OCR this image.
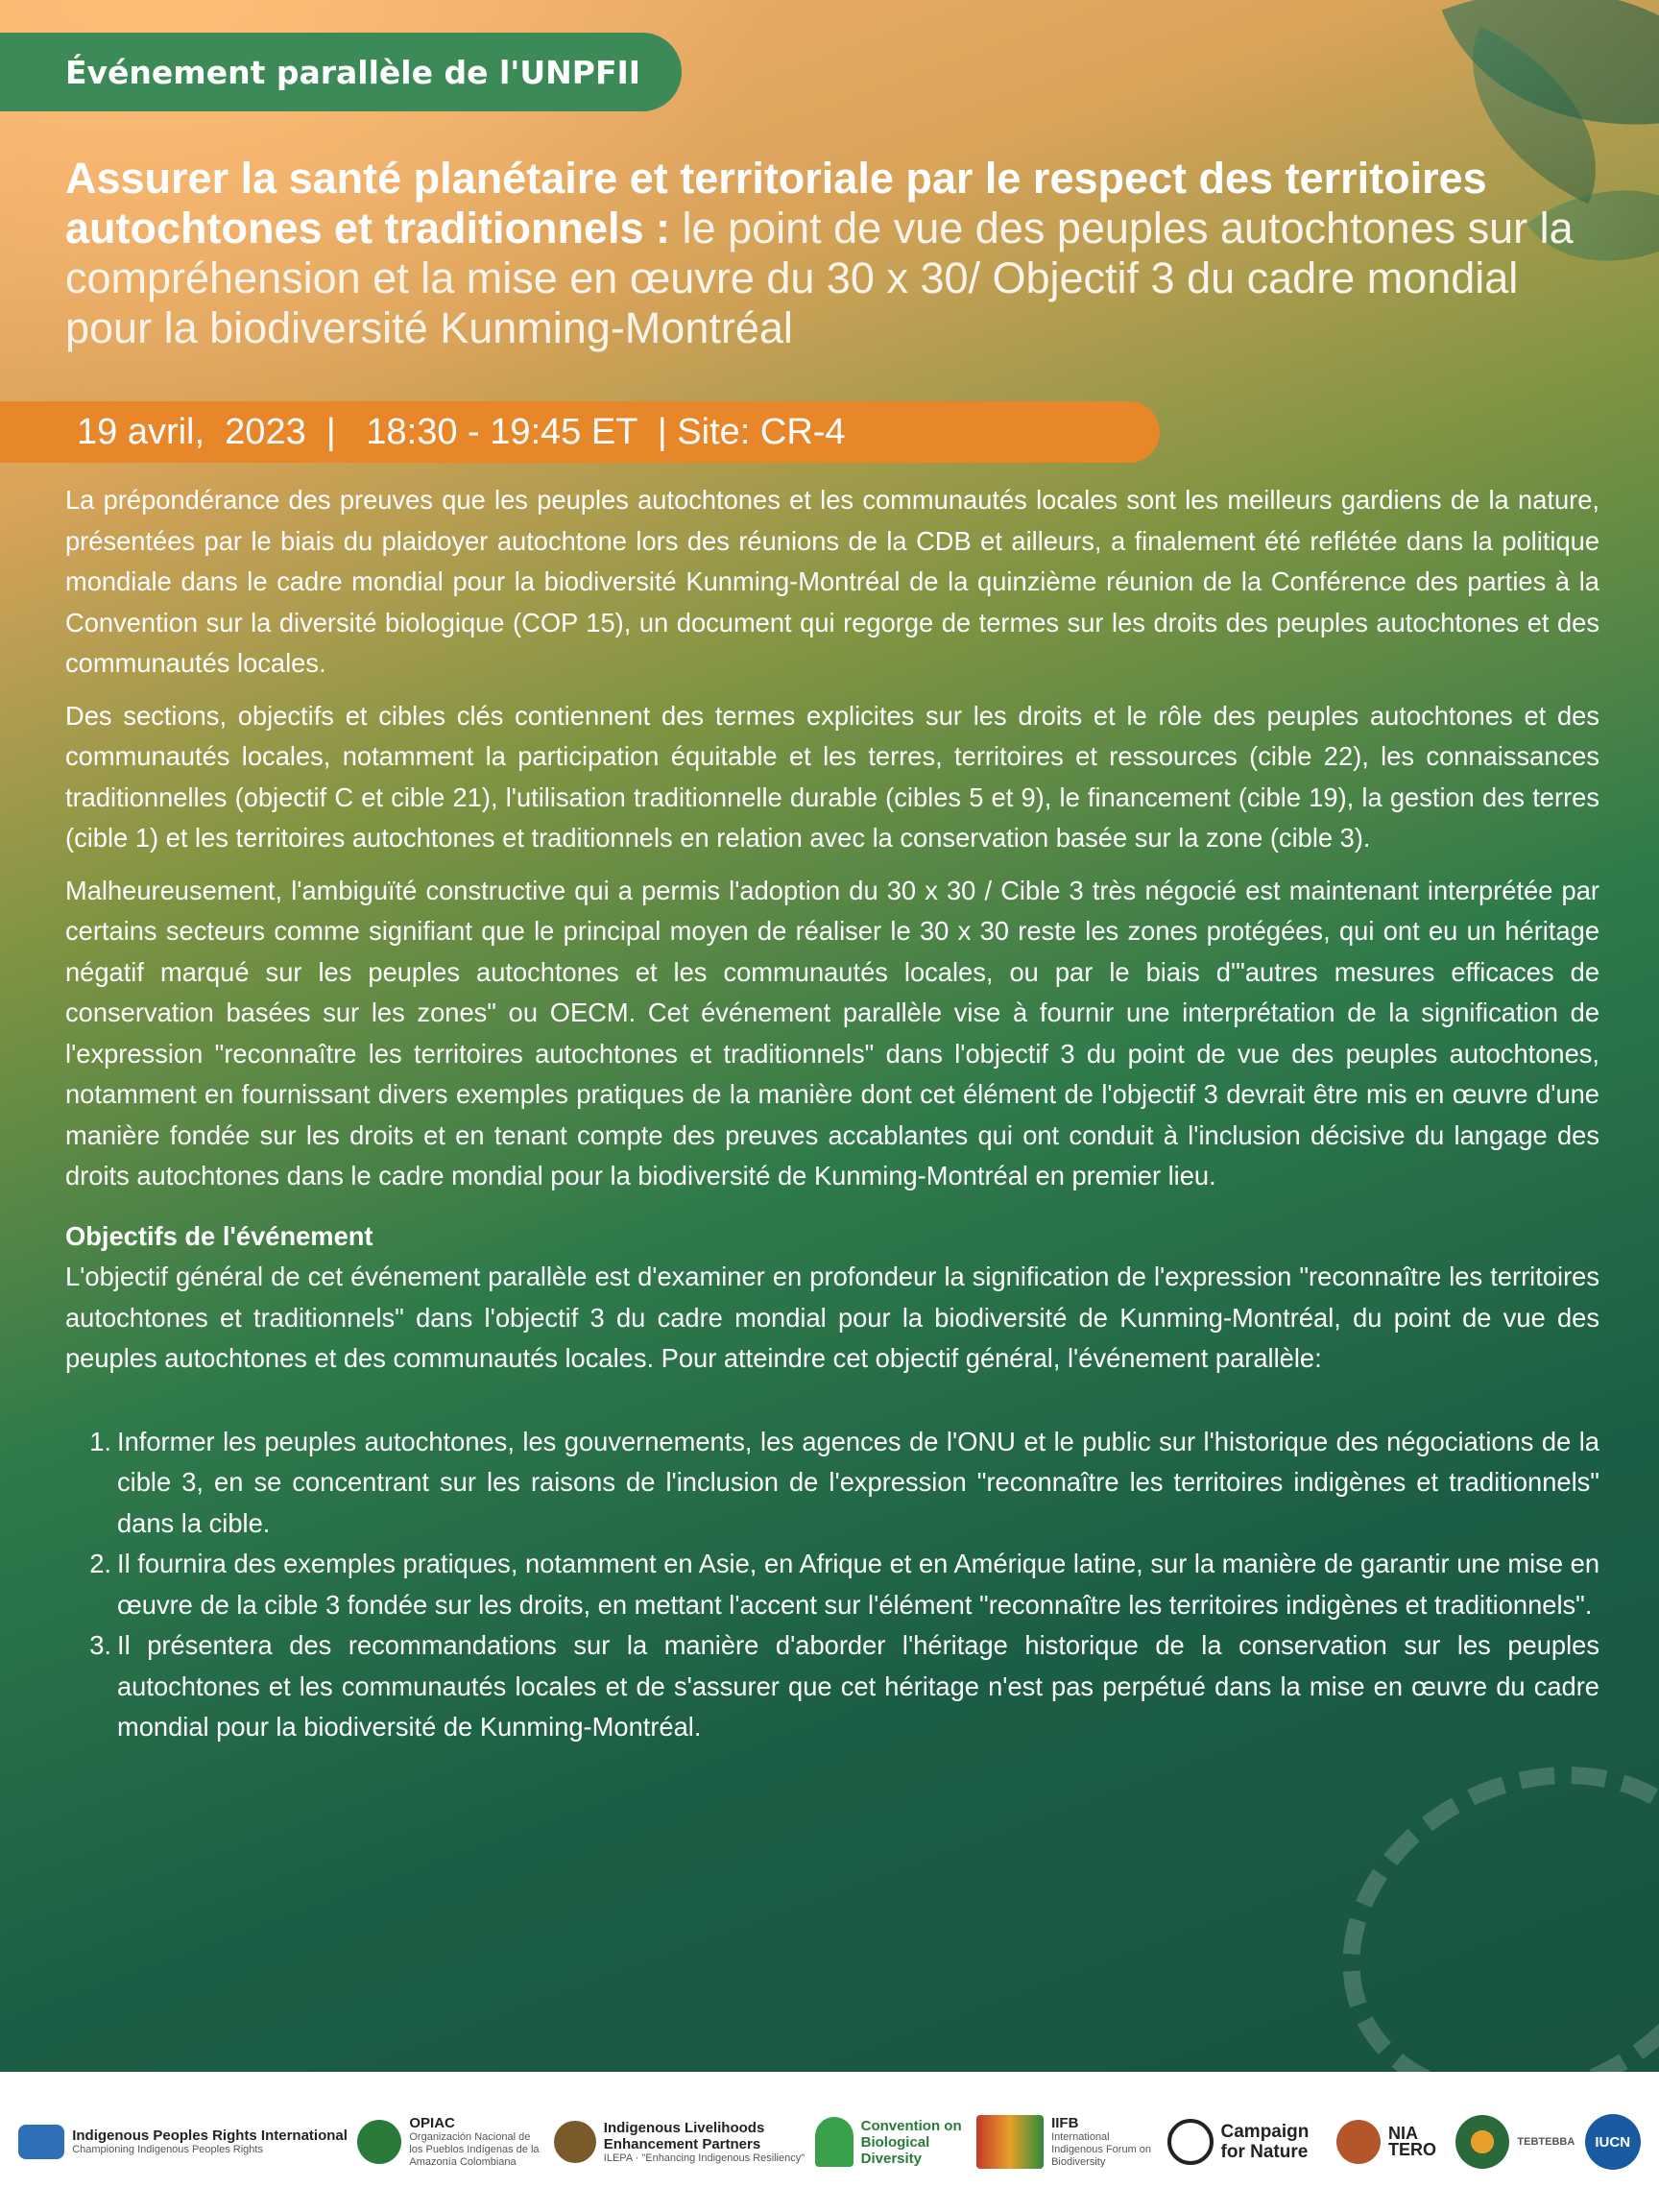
Événement parallèle de l'UNPFII
Assurer la santé planétaire et territoriale par le respect des territoires autochtones et traditionnels : le point de vue des peuples autochtones sur la compréhension et la mise en œuvre du 30 x 30/ Objectif 3 du cadre mondial pour la biodiversité Kunming-Montréal
19 avril,  2023  |   18:30 - 19:45 ET  | Site: CR-4

La prépondérance des preuves que les peuples autochtones et les communautés locales sont les meilleurs gardiens de la nature, présentées par le biais du plaidoyer autochtone lors des réunions de la CDB et ailleurs, a finalement été reflétée dans la politique mondiale dans le cadre mondial pour la biodiversité Kunming-Montréal de la quinzième réunion de la Conférence des parties à la Convention sur la diversité biologique (COP 15), un document qui regorge de termes sur les droits des peuples autochtones et des communautés locales.

Des sections, objectifs et cibles clés contiennent des termes explicites sur les droits et le rôle des peuples autochtones et des communautés locales, notamment la participation équitable et les terres, territoires et ressources (cible 22), les connaissances traditionnelles (objectif C et cible 21), l'utilisation traditionnelle durable (cibles 5 et 9), le financement (cible 19), la gestion des terres (cible 1) et les territoires autochtones et traditionnels en relation avec la conservation basée sur la zone (cible 3).

Malheureusement, l'ambiguïté constructive qui a permis l'adoption du 30 x 30 / Cible 3 très négocié est maintenant interprétée par certains secteurs comme signifiant que le principal moyen de réaliser le 30 x 30 reste les zones protégées, qui ont eu un héritage négatif marqué sur les peuples autochtones et les communautés locales, ou par le biais d'"autres mesures efficaces de conservation basées sur les zones" ou OECM. Cet événement parallèle vise à fournir une interprétation de la signification de l'expression "reconnaître les territoires autochtones et traditionnels" dans l'objectif 3 du point de vue des peuples autochtones, notamment en fournissant divers exemples pratiques de la manière dont cet élément de l'objectif 3 devrait être mis en œuvre d'une manière fondée sur les droits et en tenant compte des preuves accablantes qui ont conduit à l'inclusion décisive du langage des droits autochtones dans le cadre mondial pour la biodiversité de Kunming-Montréal en premier lieu.

Objectifs de l'événement

L'objectif général de cet événement parallèle est d'examiner en profondeur la signification de l'expression "reconnaître les territoires autochtones et traditionnels" dans l'objectif 3 du cadre mondial pour la biodiversité de Kunming-Montréal, du point de vue des peuples autochtones et des communautés locales. Pour atteindre cet objectif général, l'événement parallèle:

1. Informer les peuples autochtones, les gouvernements, les agences de l'ONU et le public sur l'historique des négociations de la cible 3, en se concentrant sur les raisons de l'inclusion de l'expression "reconnaître les territoires indigènes et traditionnels" dans la cible.
2. Il fournira des exemples pratiques, notamment en Asie, en Afrique et en Amérique latine, sur la manière de garantir une mise en œuvre de la cible 3 fondée sur les droits, en mettant l'accent sur l'élément "reconnaître les territoires indigènes et traditionnels".
3. Il présentera des recommandations sur la manière d'aborder l'héritage historique de la conservation sur les peuples autochtones et les communautés locales et de s'assurer que cet héritage n'est pas perpétué dans la mise en œuvre du cadre mondial pour la biodiversité de Kunming-Montréal.
Indigenous Peoples Rights International
Championing Indigenous Peoples Rights
OPIAC
Organización Nacional de los Pueblos Indígenas de la Amazonía Colombiana
Indigenous Livelihoods Enhancement Partners
ILEPA · "Enhancing Indigenous Resiliency"
Convention on Biological Diversity
IIFB
International Indigenous Forum on Biodiversity
Campaign for Nature
NIA TERO	TEBTEBBA IUCN
